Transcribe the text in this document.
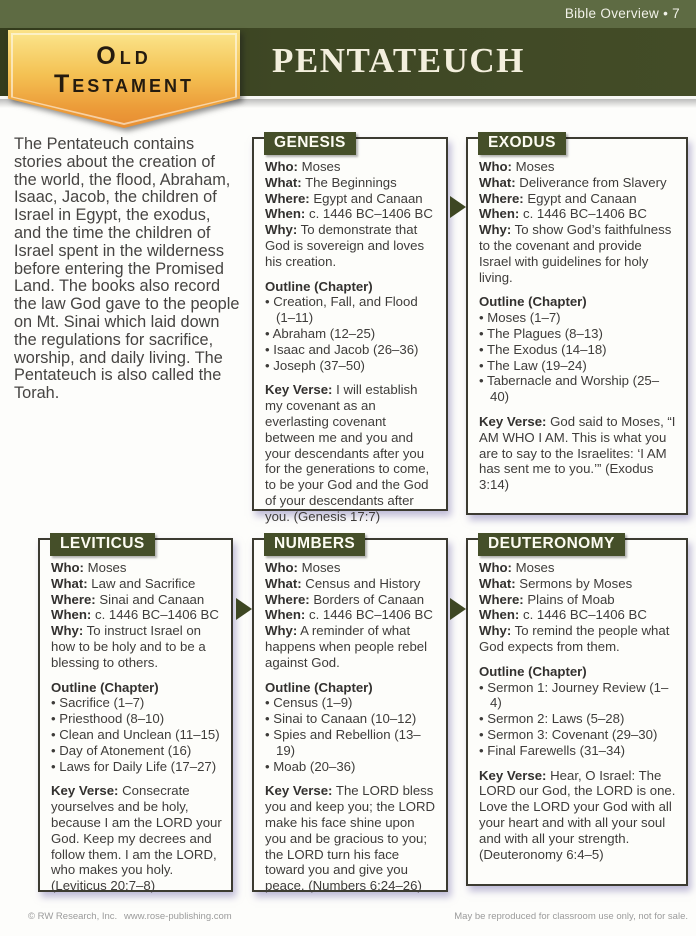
Bible Overview • 7
PENTATEUCH
Old
Testament
The Pentateuch contains stories about the creation of the world, the flood, Abraham, Isaac, Jacob, the children of Israel in Egypt, the exodus, and the time the children of Israel spent in the wilderness before entering the Promised Land. The books also record the law God gave to the people on Mt. Sinai which laid down the regulations for sacrifice, worship, and daily living. The Pentateuch is also called the Torah.
GENESIS

Who: Moses

What: The Beginnings

Where: Egypt and Canaan

When: c. 1446 BC–1406 BC

Why: To demonstrate that God is sovereign and loves his creation.

Outline (Chapter)

• Creation, Fall, and Flood (1–11)
• Abraham (12–25)
• Isaac and Jacob (26–36)
• Joseph (37–50)

Key Verse: I will establish my covenant as an everlasting covenant between me and you and your descendants after you for the generations to come, to be your God and the God of your descendants after you. (Genesis 17:7)

EXODUS

Who: Moses

What: Deliverance from Slavery

Where: Egypt and Canaan

When: c. 1446 BC–1406 BC

Why: To show God’s faithfulness to the covenant and provide Israel with guidelines for holy living.

Outline (Chapter)

• Moses (1–7)
• The Plagues (8–13)
• The Exodus (14–18)
• The Law (19–24)
• Tabernacle and Worship (25–40)

Key Verse: God said to Moses, “I AM WHO I AM. This is what you are to say to the Israelites: ‘I AM has sent me to you.’” (Exodus 3:14)

LEVITICUS

Who: Moses

What: Law and Sacrifice

Where: Sinai and Canaan

When: c. 1446 BC–1406 BC

Why: To instruct Israel on how to be holy and to be a blessing to others.

Outline (Chapter)

• Sacrifice (1–7)
• Priesthood (8–10)
• Clean and Unclean (11–15)
• Day of Atonement (16)
• Laws for Daily Life (17–27)

Key Verse: Consecrate yourselves and be holy, because I am the LORD your God. Keep my decrees and follow them. I am the LORD, who makes you holy. (Leviticus 20:7–8)

NUMBERS

Who: Moses

What: Census and History

Where: Borders of Canaan

When: c. 1446 BC–1406 BC

Why: A reminder of what happens when people rebel against God.

Outline (Chapter)

• Census (1–9)
• Sinai to Canaan (10–12)
• Spies and Rebellion (13–19)
• Moab (20–36)

Key Verse: The LORD bless you and keep you; the LORD make his face shine upon you and be gracious to you; the LORD turn his face toward you and give you peace. (Numbers 6:24–26)

DEUTERONOMY

Who: Moses

What: Sermons by Moses

Where: Plains of Moab

When: c. 1446 BC–1406 BC

Why: To remind the people what God expects from them.

Outline (Chapter)

• Sermon 1: Journey Review (1–4)
• Sermon 2: Laws (5–28)
• Sermon 3: Covenant (29–30)
• Final Farewells (31–34)

Key Verse: Hear, O Israel: The LORD our God, the LORD is one. Love the LORD your God with all your heart and with all your soul and with all your strength. (Deuteronomy 6:4–5)

© RW Research, Inc. www.rose-publishing.com	May be reproduced for classroom use only, not for sale.
